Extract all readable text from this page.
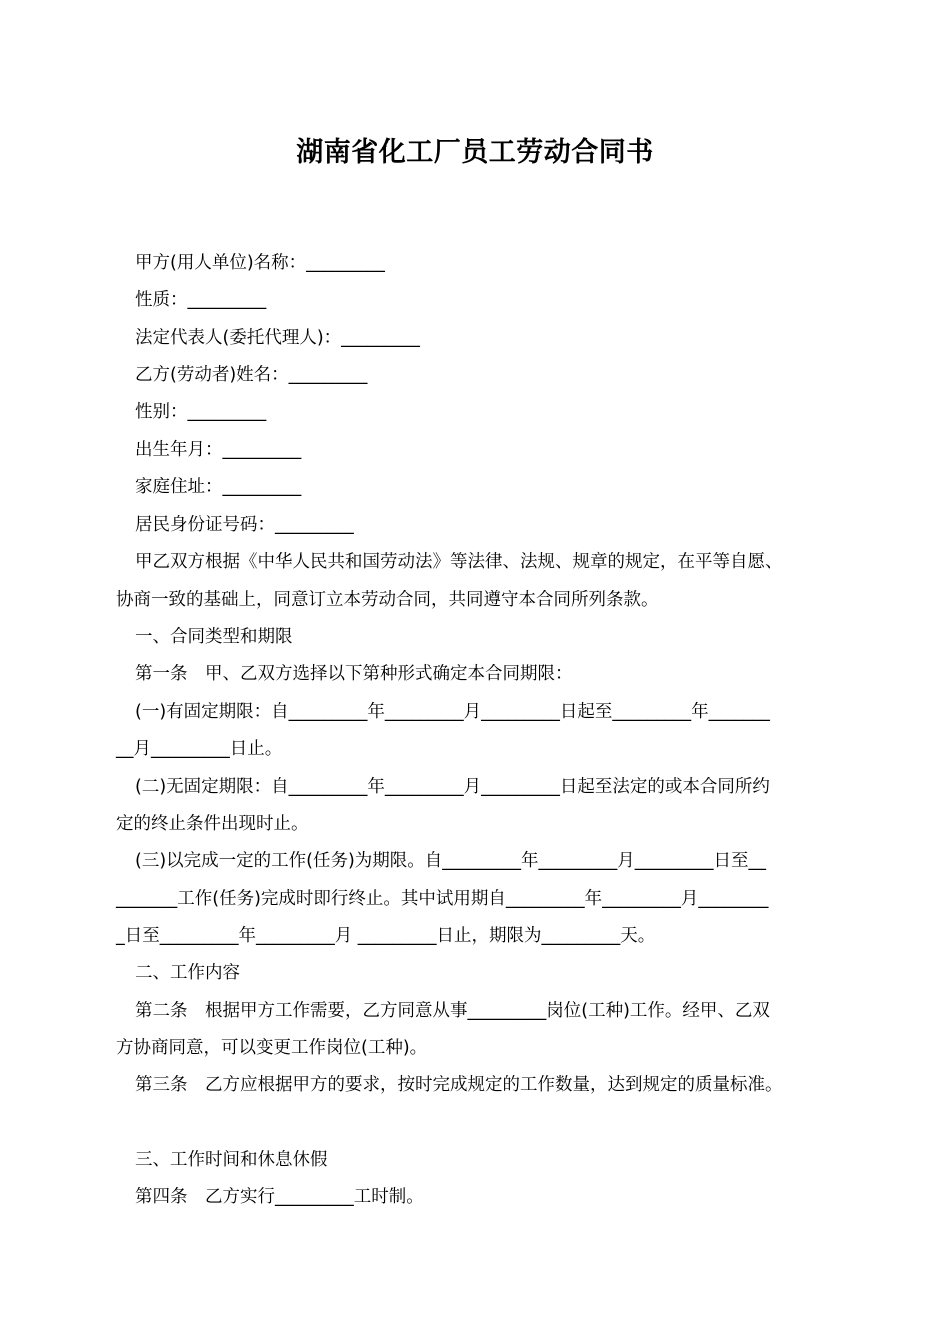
湖南省化工厂员工劳动合同书
甲方(用人单位)名称：_________
性质：_________
法定代表人(委托代理人)：_________
乙方(劳动者)姓名：_________
性别：_________
出生年月：_________
家庭住址：_________
居民身份证号码：_________
甲乙双方根据《中华人民共和国劳动法》等法律、法规、规章的规定，在平等自愿、
协商一致的基础上，同意订立本劳动合同，共同遵守本合同所列条款。
一、合同类型和期限
第一条　甲、乙双方选择以下第种形式确定本合同期限：
(一)有固定期限：自_________年_________月_________日起至_________年_______
__月_________日止。
(二)无固定期限：自_________年_________月_________日起至法定的或本合同所约
定的终止条件出现时止。
(三)以完成一定的工作(任务)为期限。自_________年_________月_________日至__
_______工作(任务)完成时即行终止。其中试用期自_________年_________月________
_日至_________年_________月 _________日止，期限为_________天。
二、工作内容
第二条　根据甲方工作需要，乙方同意从事_________岗位(工种)工作。经甲、乙双
方协商同意，可以变更工作岗位(工种)。
第三条　乙方应根据甲方的要求，按时完成规定的工作数量，达到规定的质量标准。
三、工作时间和休息休假
第四条　乙方实行_________工时制。
